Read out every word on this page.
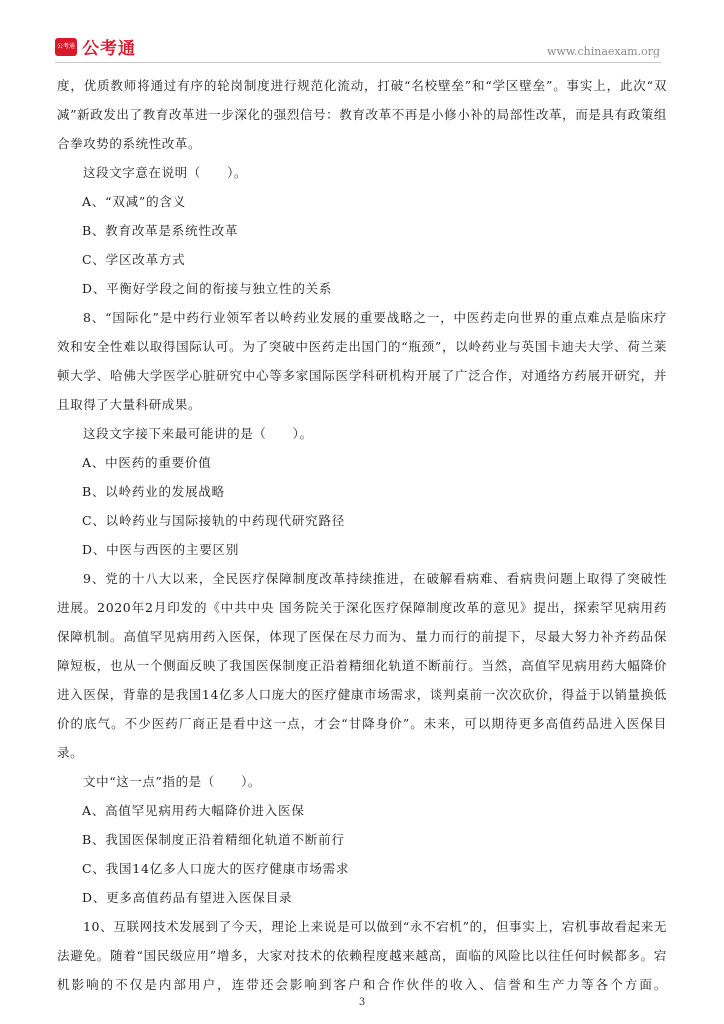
公考通 公考通	www.chinaexam.org

度，优质教师将通过有序的轮岗制度进行规范化流动，打破“名校壁垒”和“学区壁垒”。事实上，此次“双减”新政发出了教育改革进一步深化的强烈信号：教育改革不再是小修小补的局部性改革，而是具有政策组合拳攻势的系统性改革。

这段文字意在说明（　　）。

A、“双减”的含义

B、教育改革是系统性改革

C、学区改革方式

D、平衡好学段之间的衔接与独立性的关系

8、“国际化”是中药行业领军者以岭药业发展的重要战略之一，中医药走向世界的重点难点是临床疗效和安全性难以取得国际认可。为了突破中医药走出国门的“瓶颈”，以岭药业与英国卡迪夫大学、荷兰莱顿大学、哈佛大学医学心脏研究中心等多家国际医学科研机构开展了广泛合作，对通络方药展开研究，并且取得了大量科研成果。

这段文字接下来最可能讲的是（　　）。

A、中医药的重要价值

B、以岭药业的发展战略

C、以岭药业与国际接轨的中药现代研究路径

D、中医与西医的主要区别

9、党的十八大以来，全民医疗保障制度改革持续推进，在破解看病难、看病贵问题上取得了突破性进展。2020年2月印发的《中共中央 国务院关于深化医疗保障制度改革的意见》提出，探索罕见病用药保障机制。高值罕见病用药入医保，体现了医保在尽力而为、量力而行的前提下，尽最大努力补齐药品保障短板，也从一个侧面反映了我国医保制度正沿着精细化轨道不断前行。当然，高值罕见病用药大幅降价进入医保，背靠的是我国14亿多人口庞大的医疗健康市场需求，谈判桌前一次次砍价，得益于以销量换低价的底气。不少医药厂商正是看中这一点，才会“甘降身价”。未来，可以期待更多高值药品进入医保目录。

文中“这一点”指的是（　　）。

A、高值罕见病用药大幅降价进入医保

B、我国医保制度正沿着精细化轨道不断前行

C、我国14亿多人口庞大的医疗健康市场需求

D、更多高值药品有望进入医保目录

10、互联网技术发展到了今天，理论上来说是可以做到“永不宕机”的，但事实上，宕机事故看起来无法避免。随着“国民级应用”增多，大家对技术的依赖程度越来越高，面临的风险比以往任何时候都多。宕机影响的不仅是内部用户，连带还会影响到客户和合作伙伴的收入、信誉和生产力等各个方面。

3
